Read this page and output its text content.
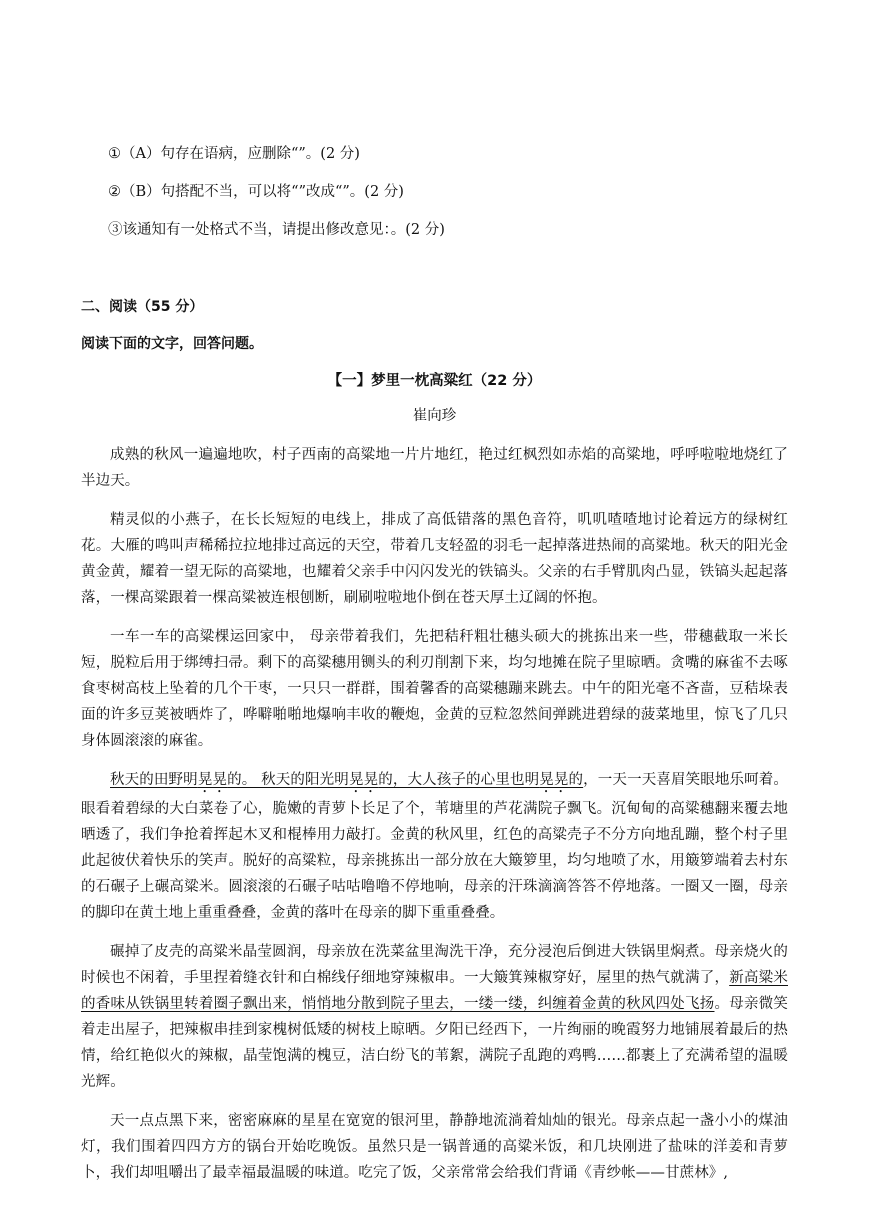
①（A）句存在语病，应删除“”。(2 分)

②（B）句搭配不当，可以将“”改成“”。(2 分)

③该通知有一处格式不当，请提出修改意见：。(2 分)

二、阅读（55 分）

阅读下面的文字，回答问题。

【一】梦里一枕高粱红（22 分）

崔向珍

成熟的秋风一遍遍地吹，村子西南的高粱地一片片地红，艳过红枫烈如赤焰的高粱地，呼呼啦啦地烧红了半边天。

精灵似的小燕子，在长长短短的电线上，排成了高低错落的黑色音符，叽叽喳喳地讨论着远方的绿树红花。大雁的鸣叫声稀稀拉拉地排过高远的天空，带着几支轻盈的羽毛一起掉落进热闹的高粱地。秋天的阳光金黄金黄，耀着一望无际的高粱地，也耀着父亲手中闪闪发光的铁镐头。父亲的右手臂肌肉凸显，铁镐头起起落落，一棵高粱跟着一棵高粱被连根刨断，刷刷啦啦地仆倒在苍天厚土辽阔的怀抱。

一车一车的高粱棵运回家中， 母亲带着我们，先把秸秆粗壮穗头硕大的挑拣出来一些，带穗截取一米长短，脱粒后用于绑缚扫帚。剩下的高粱穗用铡头的利刃削割下来，均匀地摊在院子里晾晒。贪嘴的麻雀不去啄食枣树高枝上坠着的几个干枣，一只只一群群，围着馨香的高粱穗蹦来跳去。中午的阳光毫不吝啬，豆秸垛表面的许多豆荚被晒炸了，哗噼啪啪地爆响丰收的鞭炮，金黄的豆粒忽然间弹跳进碧绿的菠菜地里，惊飞了几只身体圆滚滚的麻雀。

秋天的田野明晃晃的。 秋天的阳光明晃晃的，大人孩子的心里也明晃晃的，一天一天喜眉笑眼地乐呵着。眼看着碧绿的大白菜卷了心，脆嫩的青萝卜长足了个，苇塘里的芦花满院子飘飞。沉甸甸的高粱穗翻来覆去地晒透了，我们争抢着挥起木叉和棍棒用力敲打。金黄的秋风里，红色的高粱壳子不分方向地乱蹦，整个村子里此起彼伏着快乐的笑声。脱好的高粱粒，母亲挑拣出一部分放在大簸箩里，均匀地喷了水，用簸箩端着去村东的石碾子上碾高粱米。圆滚滚的石碾子咕咕噜噜不停地响，母亲的汗珠滴滴答答不停地落。一圈又一圈，母亲的脚印在黄土地上重重叠叠，金黄的落叶在母亲的脚下重重叠叠。

碾掉了皮壳的高粱米晶莹圆润，母亲放在洗菜盆里淘洗干净，充分浸泡后倒进大铁锅里焖煮。母亲烧火的时候也不闲着，手里捏着缝衣针和白棉线仔细地穿辣椒串。一大簸箕辣椒穿好，屋里的热气就满了，新高粱米的香味从铁锅里转着圈子飘出来，悄悄地分散到院子里去，一缕一缕，纠缠着金黄的秋风四处飞扬。母亲微笑着走出屋子，把辣椒串挂到家槐树低矮的树枝上晾晒。夕阳已经西下，一片绚丽的晚霞努力地铺展着最后的热情，给红艳似火的辣椒，晶莹饱满的槐豆，洁白纷飞的苇絮，满院子乱跑的鸡鸭……都裹上了充满希望的温暖光辉。

天一点点黑下来，密密麻麻的星星在宽宽的银河里，静静地流淌着灿灿的银光。母亲点起一盏小小的煤油灯，我们围着四四方方的锅台开始吃晚饭。虽然只是一锅普通的高粱米饭，和几块刚进了盐味的洋姜和青萝卜，我们却咀嚼出了最幸福最温暖的味道。吃完了饭，父亲常常会给我们背诵《青纱帐——甘蔗林》,
